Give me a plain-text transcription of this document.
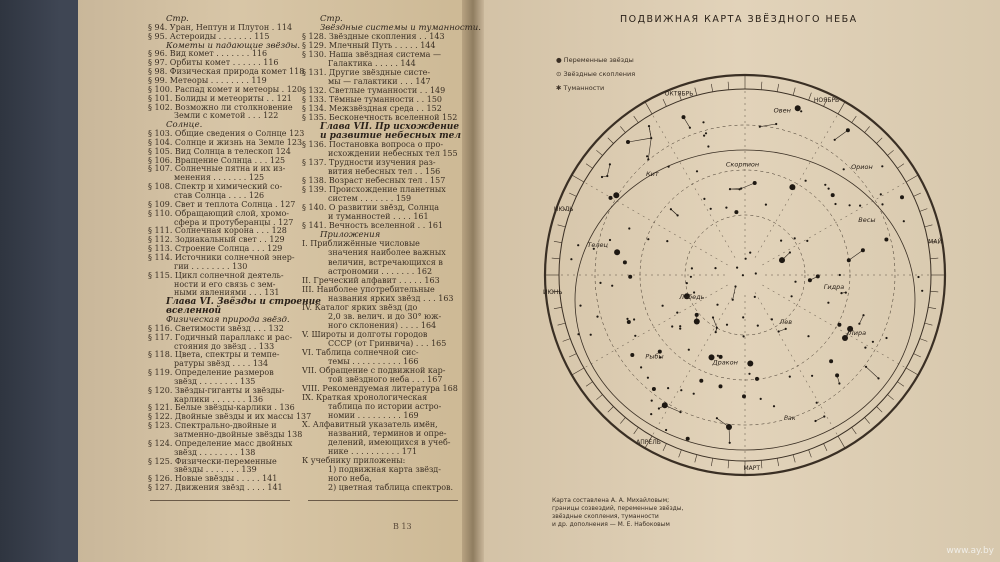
Стр.
§ 94. Уран, Нептун и Плутон . 114
§ 95. Астероиды . . . . . . . 115
Кометы и падающие звёзды.
§ 96. Вид комет . . . . . . . 116
§ 97. Орбиты комет . . . . . . 116
§ 98. Физическая природа комет 118
§ 99. Метеоры . . . . . . . . 119
§ 100. Распад комет и метеоры . 120
§ 101. Болиды и метеориты . . 121
§ 102. Возможно ли столкновение
Земли с кометой . . . 122
Солнце.
§ 103. Общие сведения о Солнце 123
§ 104. Солнце и жизнь на Земле 123
§ 105. Вид Солнца в телескоп 124
§ 106. Вращение Солнца . . . 125
§ 107. Солнечные пятна и их из-
менения . . . . . . . 125
§ 108. Спектр и химический со-
став Солнца . . . . 126
§ 109. Свет и теплота Солнца . 127
§ 110. Обращающий слой, хромо-
сфера и протуберанцы . 127
§ 111. Солнечная корона . . . 128
§ 112. Зодиакальный свет . . 129
§ 113. Строение Солнца . . . 129
§ 114. Источники солнечной энер-
гии . . . . . . . . 130
§ 115. Цикл солнечной деятель-
ности и его связь с зем-
ными явлениями . . . 131
Глава VI. Звёзды и строение
вселенной
Физическая природа звёзд.
§ 116. Светимости звёзд . . . 132
§ 117. Годичный параллакс и рас-
стояния до звёзд . . 133
§ 118. Цвета, спектры и темпе-
ратуры звёзд . . . . 134
§ 119. Определение размеров
звёзд . . . . . . . . 135
§ 120. Звёзды-гиганты и звёзды-
карлики . . . . . . . 136
§ 121. Белые звёзды-карлики . 136
§ 122. Двойные звёзды и их массы 137
§ 123. Спектрально-двойные и
затменно-двойные звёзды 138
§ 124. Определение масс двойных
звёзд . . . . . . . . 138
§ 125. Физически-переменные
звёзды . . . . . . . 139
§ 126. Новые звёзды . . . . . 141
§ 127. Движения звёзд . . . . 141
Стр.
Звёздные системы и туманности.
§ 128. Звёздные скопления . . 143
§ 129. Млечный Путь . . . . . 144
§ 130. Наша звёздная система —
Галактика . . . . . 144
§ 131. Другие звёздные систе-
мы — галактики . . . 147
§ 132. Светлые туманности . . 149
§ 133. Тёмные туманности . . 150
§ 134. Межзвёздная среда . . 152
§ 135. Бесконечность вселенной 152
Глава VII. Пр исхождение
и развитие небесных тел
§ 136. Постановка вопроса о про-
исхождении небесных тел 155
§ 137. Трудности изучения раз-
вития небесных тел . . 156
§ 138. Возраст небесных тел . 157
§ 139. Происхождение планетных
систем . . . . . . . 159
§ 140. О развитии звёзд, Солнца
и туманностей . . . . 161
§ 141. Вечность вселенной . . 161
Приложения
I. Приближённые числовые
значения наиболее важных
величин, встречающихся в
астрономии . . . . . . . 162
II. Греческий алфавит . . . . . 163
III. Наиболее употребительные
названия ярких звёзд . . . 163
IV. Каталог ярких звёзд (до
2,0 зв. велич. и до 30° юж-
ного склонения) . . . . 164
V. Широты и долготы городов
СССР (от Гринвича) . . . 165
VI. Таблица солнечной сис-
темы . . . . . . . . . . 166
VII. Обращение с подвижной кар-
той звёздного неба . . . 167
VIII. Рекомендуемая литература 168
IX. Краткая хронологическая
таблица по истории астро-
номии . . . . . . . . . 169
X. Алфавитный указатель имён,
названий, терминов и опре-
делений, имеющихся в учеб-
нике . . . . . . . . . . 171
К учебнику приложены:
1) подвижная карта звёзд-
ного неба,
2) цветная таблица спектров.
ПОДВИЖНАЯ КАРТА ЗВЁЗДНОГО НЕБА
● Переменные звёзды
⊙ Звёздные скопления
✱ Туманности
МАРТ
АПРЕЛЬ
ИЮЛЬ
ИЮНЬ
ОКТЯБРЬ
НОЯБРЬ
МАЙ
Лира
Рак
Рыбы
Телец
Кит
Скорпион	Орион
Гидра
Дракон
Лебедь
Овен
Весы
Лев
Карта составлена А. А. Михайловым;
границы созвездий, переменные звёзды,
звёздные скопления, туманности
и др. дополнения — М. Е. Набоковым
В 13
www.ay.by
